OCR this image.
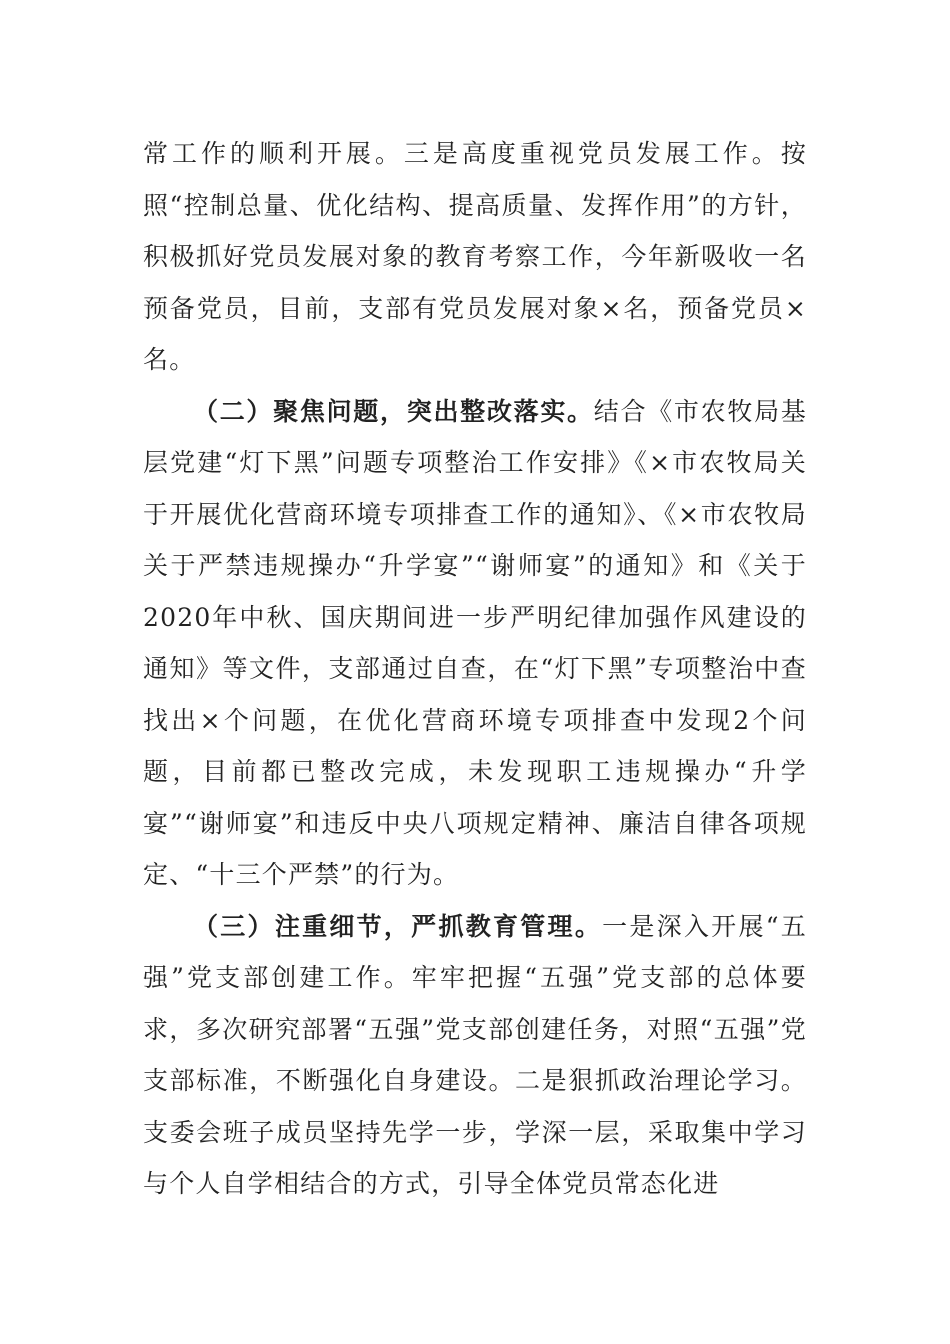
常工作的顺利开展。三是高度重视党员发展工作。按照“控制总量、优化结构、提高质量、发挥作用”的方针，积极抓好党员发展对象的教育考察工作，今年新吸收一名预备党员，目前，支部有党员发展对象×名，预备党员×名。

（二）聚焦问题，突出整改落实。结合《市农牧局基层党建“灯下黑”问题专项整治工作安排》《×市农牧局关于开展优化营商环境专项排查工作的通知》、《×市农牧局关于严禁违规操办“升学宴”“谢师宴”的通知》和《关于2020年中秋、国庆期间进一步严明纪律加强作风建设的通知》等文件，支部通过自查，在“灯下黑”专项整治中查找出×个问题，在优化营商环境专项排查中发现2个问题，目前都已整改完成，未发现职工违规操办“升学宴”“谢师宴”和违反中央八项规定精神、廉洁自律各项规定、“十三个严禁”的行为。

（三）注重细节，严抓教育管理。一是深入开展“五强”党支部创建工作。牢牢把握“五强”党支部的总体要求，多次研究部署“五强”党支部创建任务，对照“五强”党支部标准，不断强化自身建设。二是狠抓政治理论学习。支委会班子成员坚持先学一步，学深一层，采取集中学习与个人自学相结合的方式，引导全体党员常态化进
